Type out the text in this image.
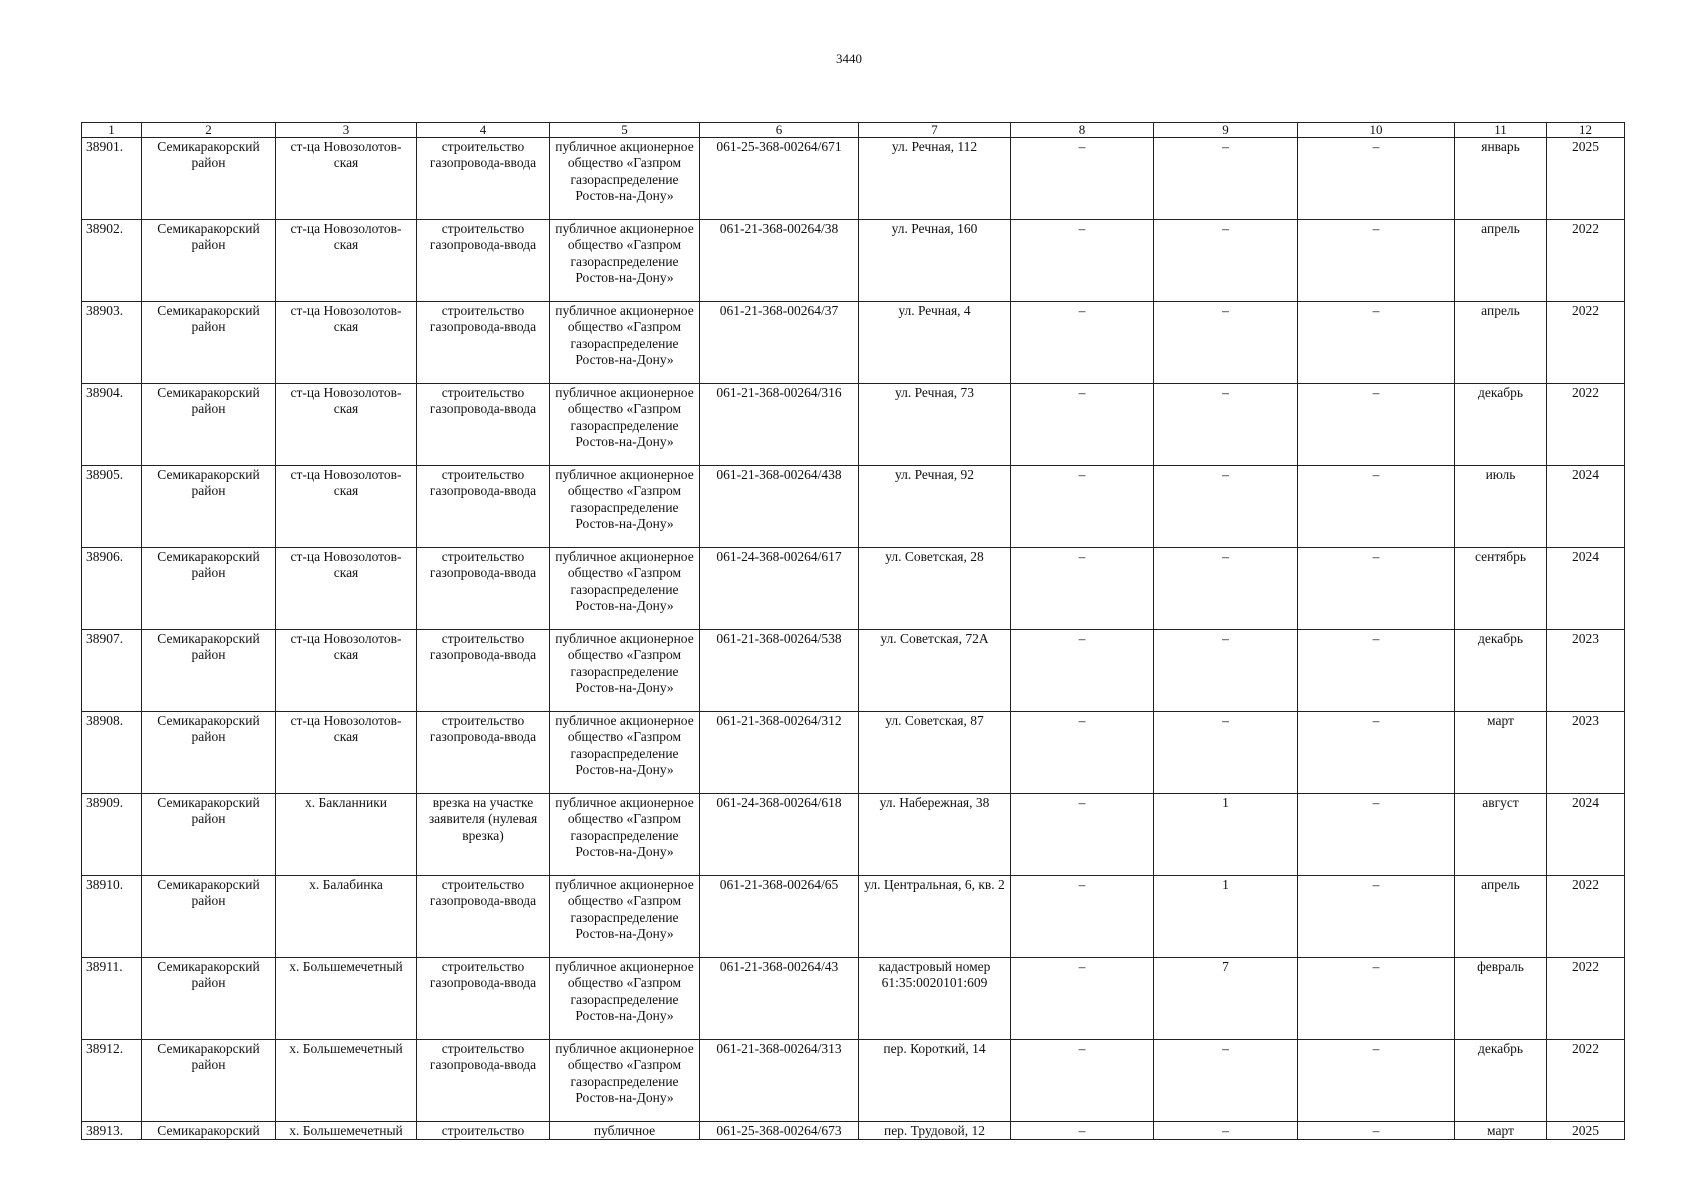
3440
1	2	3	4	5	6	7	8	9	10	11	12
38901.	Семикаракорский район	ст-ца Новозолотов-ская	строительство газопровода-ввода	публичное акционерное общество «Газпром газораспределение Ростов-на-Дону»	061-25-368-00264/671	ул. Речная, 112	–	–	–	январь	2025
38902.	Семикаракорский район	ст-ца Новозолотов-ская	строительство газопровода-ввода	публичное акционерное общество «Газпром газораспределение Ростов-на-Дону»	061-21-368-00264/38	ул. Речная, 160	–	–	–	апрель	2022
38903.	Семикаракорский район	ст-ца Новозолотов-ская	строительство газопровода-ввода	публичное акционерное общество «Газпром газораспределение Ростов-на-Дону»	061-21-368-00264/37	ул. Речная, 4	–	–	–	апрель	2022
38904.	Семикаракорский район	ст-ца Новозолотов-ская	строительство газопровода-ввода	публичное акционерное общество «Газпром газораспределение Ростов-на-Дону»	061-21-368-00264/316	ул. Речная, 73	–	–	–	декабрь	2022
38905.	Семикаракорский район	ст-ца Новозолотов-ская	строительство газопровода-ввода	публичное акционерное общество «Газпром газораспределение Ростов-на-Дону»	061-21-368-00264/438	ул. Речная, 92	–	–	–	июль	2024
38906.	Семикаракорский район	ст-ца Новозолотов-ская	строительство газопровода-ввода	публичное акционерное общество «Газпром газораспределение Ростов-на-Дону»	061-24-368-00264/617	ул. Советская, 28	–	–	–	сентябрь	2024
38907.	Семикаракорский район	ст-ца Новозолотов-ская	строительство газопровода-ввода	публичное акционерное общество «Газпром газораспределение Ростов-на-Дону»	061-21-368-00264/538	ул. Советская, 72А	–	–	–	декабрь	2023
38908.	Семикаракорский район	ст-ца Новозолотов-ская	строительство газопровода-ввода	публичное акционерное общество «Газпром газораспределение Ростов-на-Дону»	061-21-368-00264/312	ул. Советская, 87	–	–	–	март	2023
38909.	Семикаракорский район	х. Бакланники	врезка на участке заявителя (нулевая врезка)	публичное акционерное общество «Газпром газораспределение Ростов-на-Дону»	061-24-368-00264/618	ул. Набережная, 38	–	1	–	август	2024
38910.	Семикаракорский район	х. Балабинка	строительство газопровода-ввода	публичное акционерное общество «Газпром газораспределение Ростов-на-Дону»	061-21-368-00264/65	ул. Центральная, 6, кв. 2	–	1	–	апрель	2022
38911.	Семикаракорский район	х. Большемечетный	строительство газопровода-ввода	публичное акционерное общество «Газпром газораспределение Ростов-на-Дону»	061-21-368-00264/43	кадастровый номер 61:35:0020101:609	–	7	–	февраль	2022
38912.	Семикаракорский район	х. Большемечетный	строительство газопровода-ввода	публичное акционерное общество «Газпром газораспределение Ростов-на-Дону»	061-21-368-00264/313	пер. Короткий, 14	–	–	–	декабрь	2022
38913.	Семикаракорский	х. Большемечетный	строительство	публичное	061-25-368-00264/673	пер. Трудовой, 12	–	–	–	март	2025
